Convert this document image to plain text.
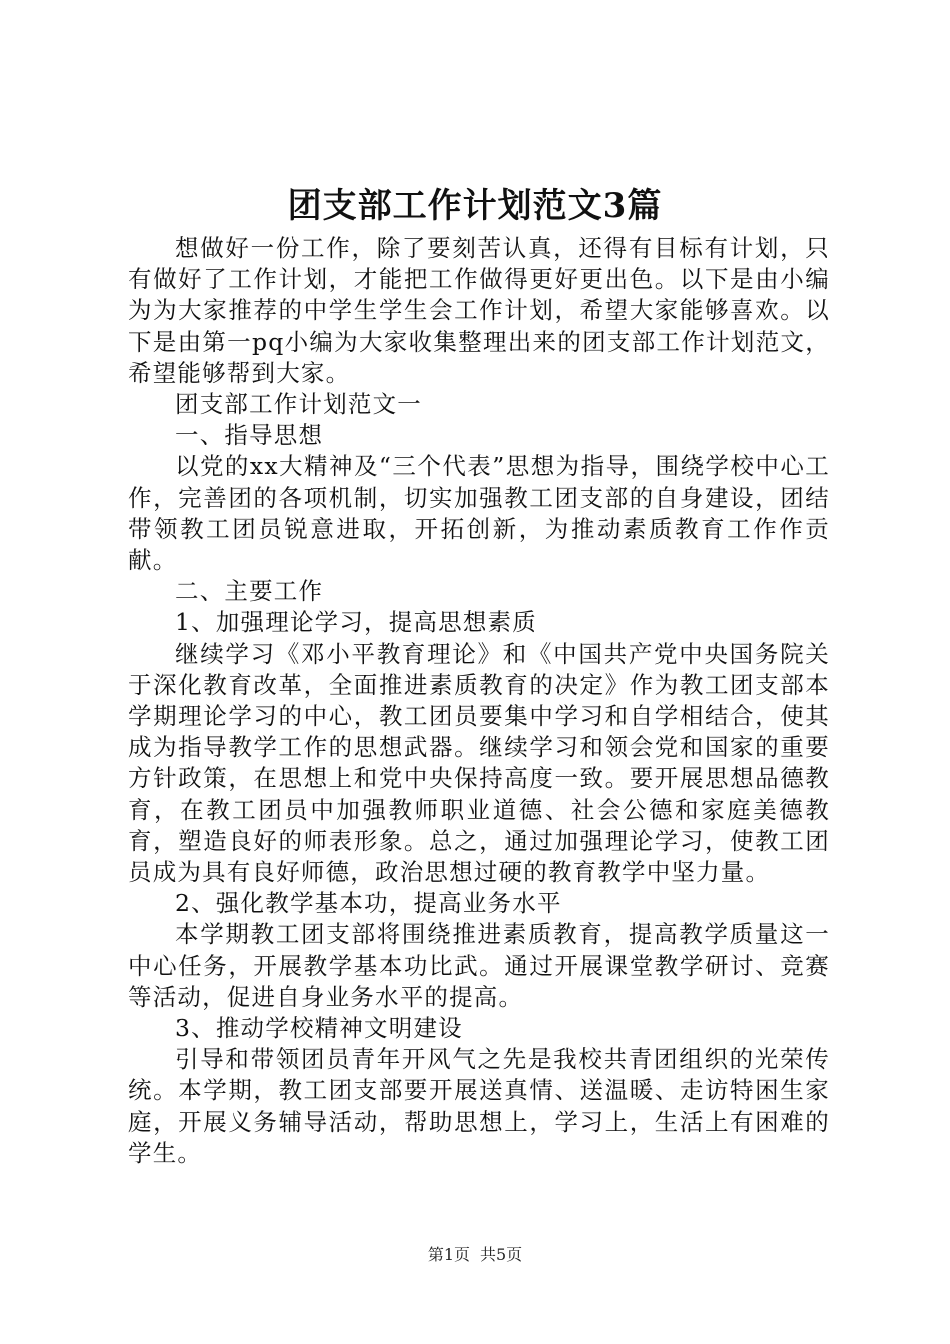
团支部工作计划范文3篇

想做好一份工作，除了要刻苦认真，还得有目标有计划，只有做好了工作计划，才能把工作做得更好更出色。以下是由小编为为大家推荐的中学生学生会工作计划，希望大家能够喜欢。以下是由第一pq小编为大家收集整理出来的团支部工作计划范文，希望能够帮到大家。

团支部工作计划范文一

一、指导思想

以党的xx大精神及“三个代表”思想为指导，围绕学校中心工作，完善团的各项机制，切实加强教工团支部的自身建设，团结带领教工团员锐意进取，开拓创新，为推动素质教育工作作贡献。

二、主要工作

1、加强理论学习，提高思想素质

继续学习《邓小平教育理论》和《中国共产党中央国务院关于深化教育改革，全面推进素质教育的决定》作为教工团支部本学期理论学习的中心，教工团员要集中学习和自学相结合，使其成为指导教学工作的思想武器。继续学习和领会党和国家的重要方针政策，在思想上和党中央保持高度一致。要开展思想品德教育，在教工团员中加强教师职业道德、社会公德和家庭美德教育，塑造良好的师表形象。总之，通过加强理论学习，使教工团员成为具有良好师德，政治思想过硬的教育教学中坚力量。

2、强化教学基本功，提高业务水平

本学期教工团支部将围绕推进素质教育，提高教学质量这一中心任务，开展教学基本功比武。通过开展课堂教学研讨、竞赛等活动，促进自身业务水平的提高。

3、推动学校精神文明建设

引导和带领团员青年开风气之先是我校共青团组织的光荣传统。本学期，教工团支部要开展送真情、送温暖、走访特困生家庭，开展义务辅导活动，帮助思想上，学习上，生活上有困难的学生。

第1页 共5页
